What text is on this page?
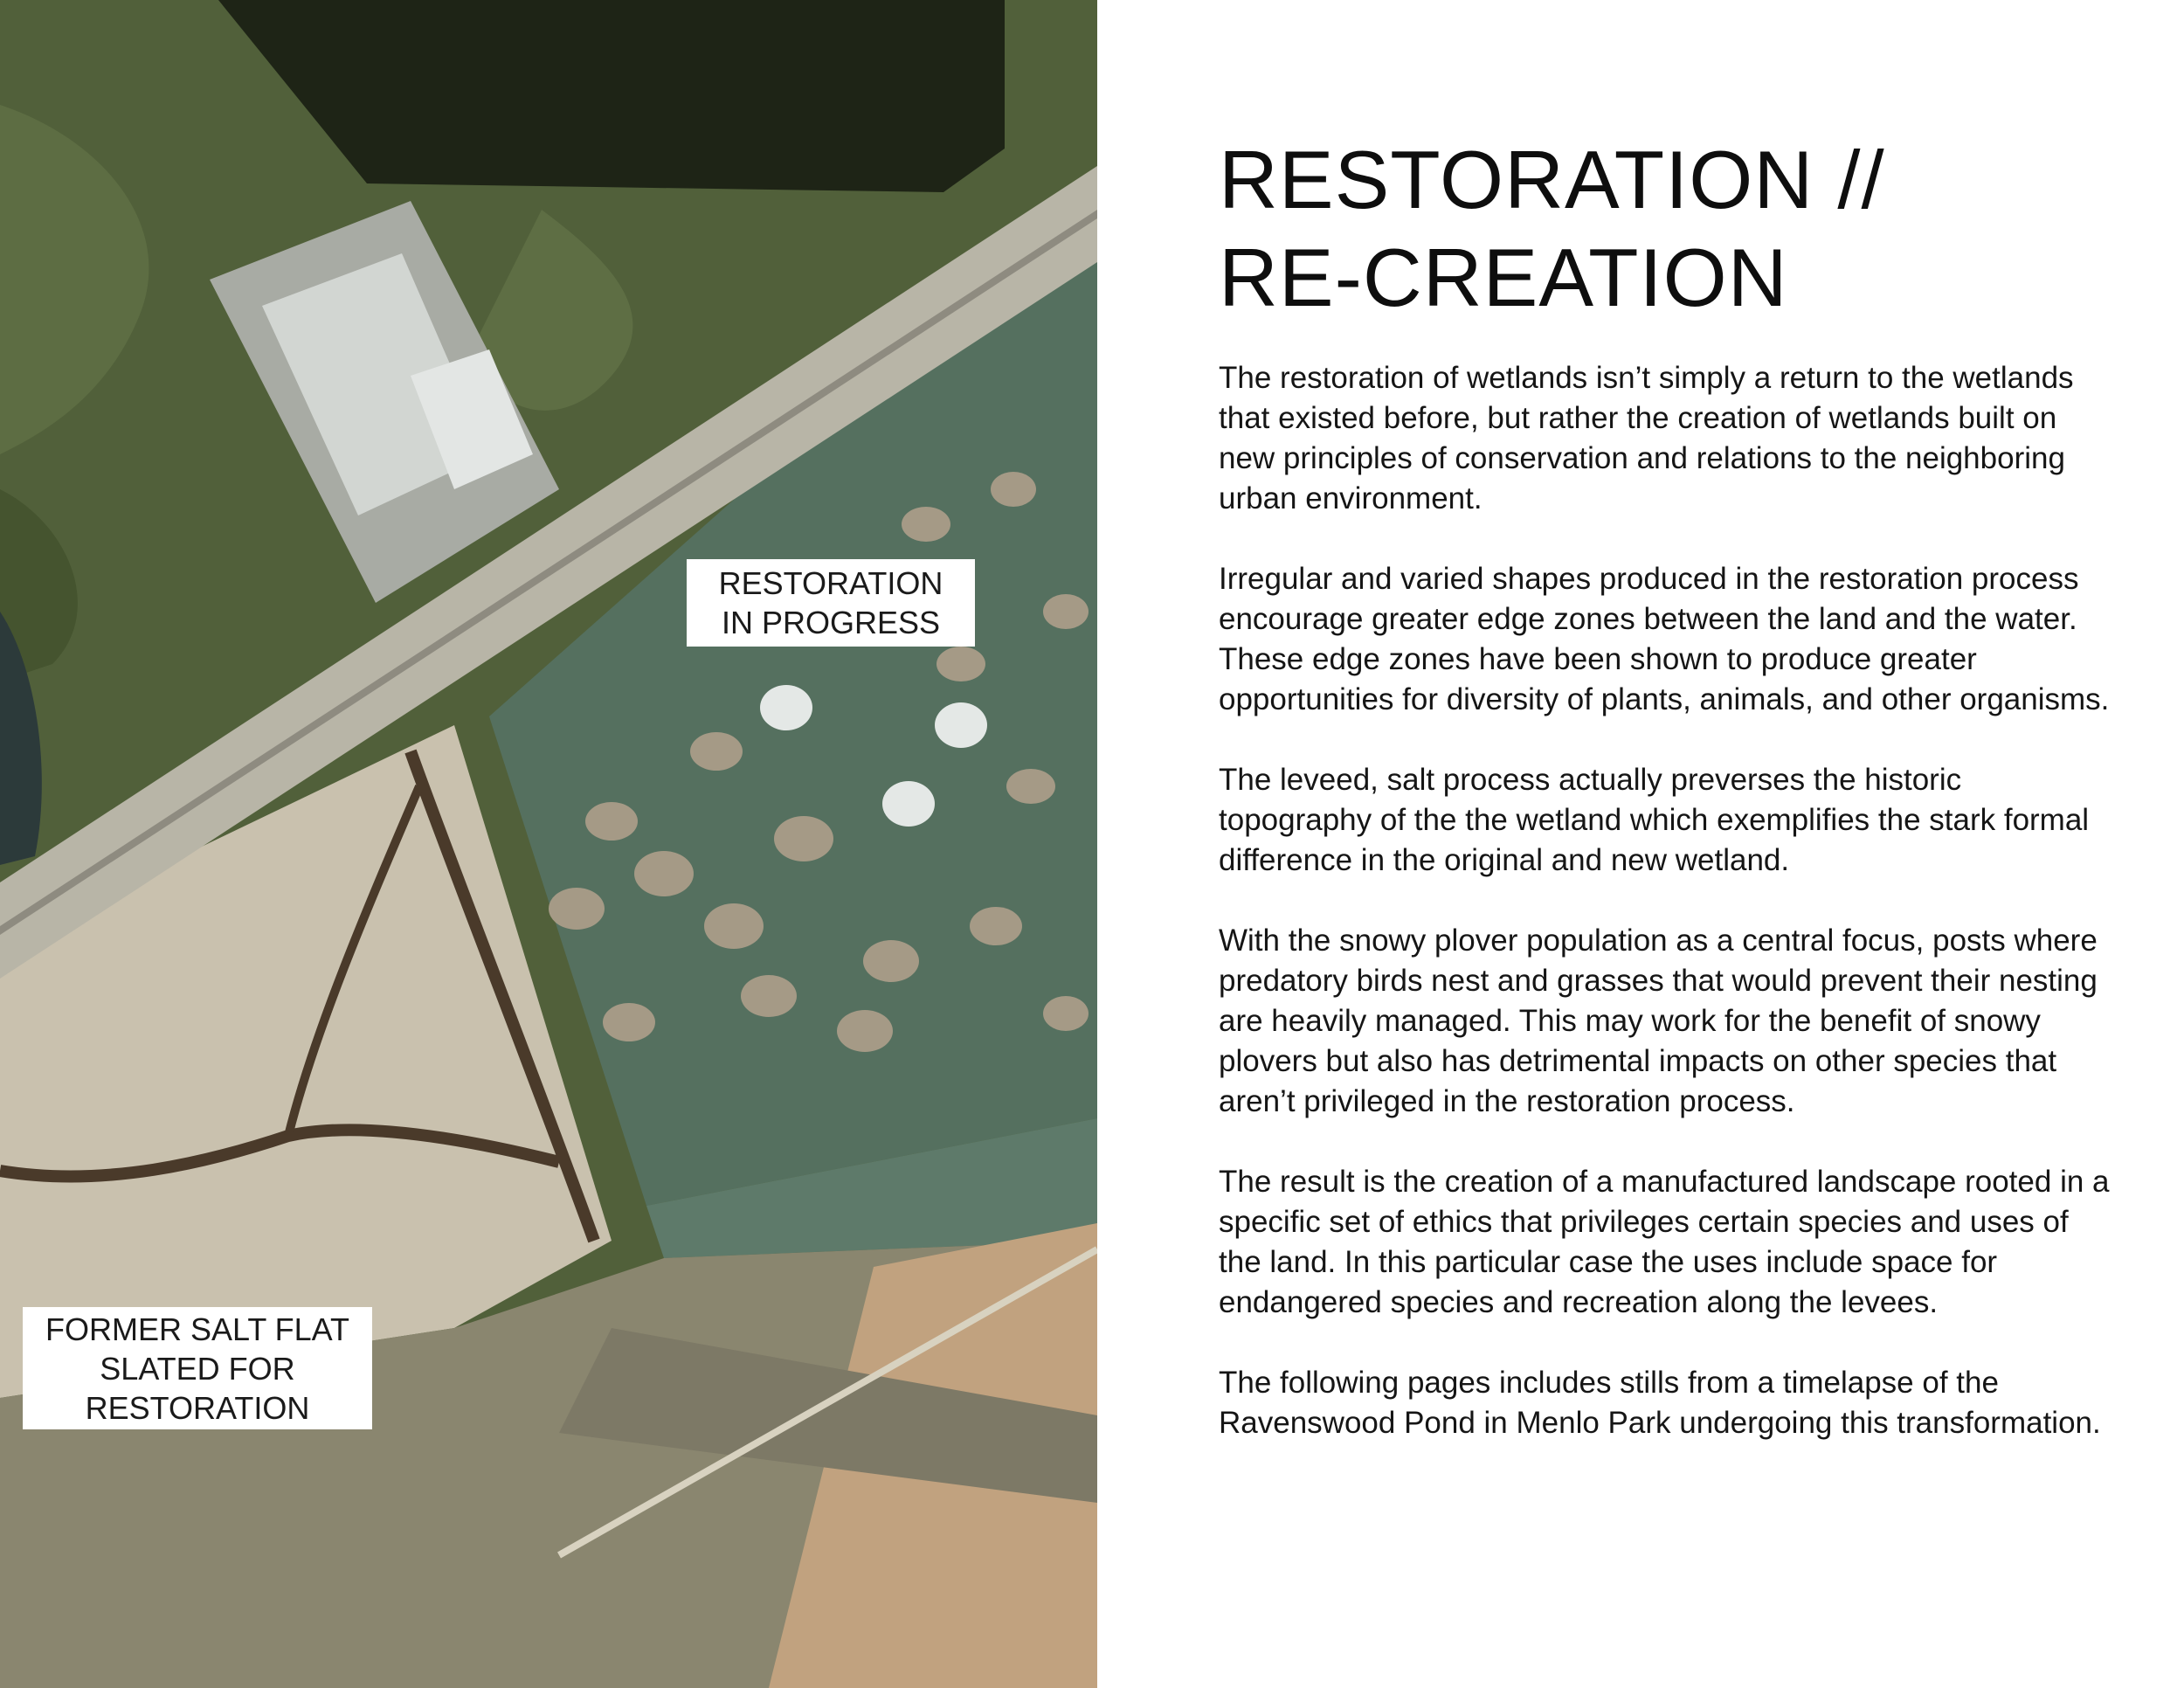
RESTORATION
IN PROGRESS
FORMER SALT FLAT
SLATED FOR
RESTORATION
RESTORATION //
RE-CREATION

The restoration of wetlands isn’t simply a return to the wetlands that existed before, but rather the creation of wetlands built on new principles of conservation and relations to the neighboring urban environment.

Irregular and varied shapes produced in the restoration process encourage greater edge zones between the land and the water. These edge zones have been shown to produce greater opportunities for diversity of plants, animals, and other organisms.

The leveed, salt process actually preverses the historic topography of the the wetland which exemplifies the stark formal difference in the original and new wetland.

With the snowy plover population as a central focus, posts where predatory birds nest and grasses that would prevent their nesting are heavily managed. This may work for the benefit of snowy plovers but also has detrimental impacts on other species that aren’t privileged in the restoration process.

The result is the creation of a manufactured landscape rooted in a specific set of ethics that privileges certain species and uses of the land. In this particular case the uses include space for endangered species and recreation along the levees.

The following pages includes stills from a timelapse of the Ravenswood Pond in Menlo Park undergoing this transformation.
